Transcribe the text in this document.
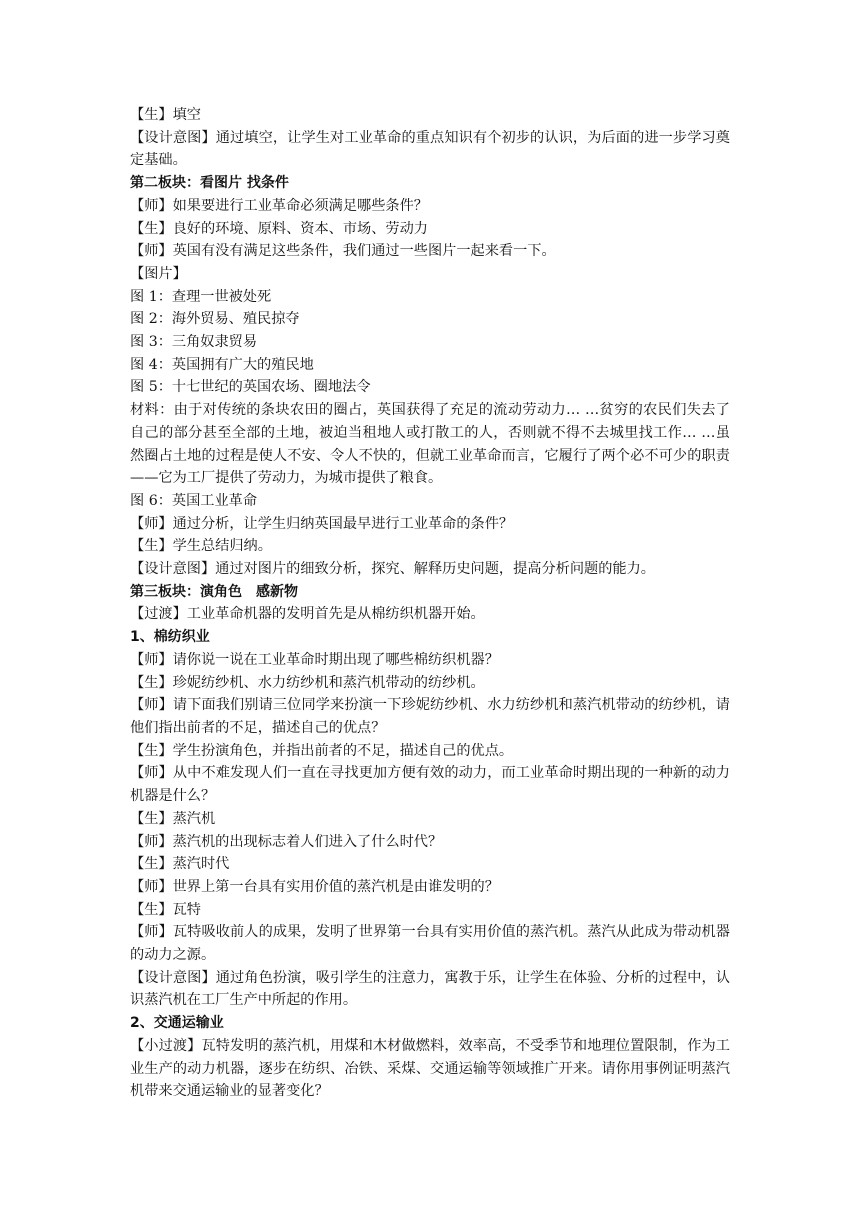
【生】填空

【设计意图】通过填空，让学生对工业革命的重点知识有个初步的认识，为后面的进一步学习奠定基础。

第二板块：看图片 找条件

【师】如果要进行工业革命必须满足哪些条件？

【生】良好的环境、原料、资本、市场、劳动力

【师】英国有没有满足这些条件，我们通过一些图片一起来看一下。

【图片】

图 1：查理一世被处死

图 2：海外贸易、殖民掠夺

图 3：三角奴隶贸易

图 4：英国拥有广大的殖民地

图 5：十七世纪的英国农场、圈地法令

材料：由于对传统的条块农田的圈占，英国获得了充足的流动劳动力… …贫穷的农民们失去了自己的部分甚至全部的土地，被迫当租地人或打散工的人，否则就不得不去城里找工作… …虽然圈占土地的过程是使人不安、令人不快的，但就工业革命而言，它履行了两个必不可少的职责——它为工厂提供了劳动力，为城市提供了粮食。

图 6：英国工业革命

【师】通过分析，让学生归纳英国最早进行工业革命的条件？

【生】学生总结归纳。

【设计意图】通过对图片的细致分析，探究、解释历史问题，提高分析问题的能力。

第三板块：演角色　感新物

【过渡】工业革命机器的发明首先是从棉纺织机器开始。

1、棉纺织业

【师】请你说一说在工业革命时期出现了哪些棉纺织机器？

【生】珍妮纺纱机、水力纺纱机和蒸汽机带动的纺纱机。

【师】请下面我们别请三位同学来扮演一下珍妮纺纱机、水力纺纱机和蒸汽机带动的纺纱机，请他们指出前者的不足，描述自己的优点？

【生】学生扮演角色，并指出前者的不足，描述自己的优点。

【师】从中不难发现人们一直在寻找更加方便有效的动力，而工业革命时期出现的一种新的动力机器是什么？

【生】蒸汽机

【师】蒸汽机的出现标志着人们进入了什么时代？

【生】蒸汽时代

【师】世界上第一台具有实用价值的蒸汽机是由谁发明的？

【生】瓦特

【师】瓦特吸收前人的成果，发明了世界第一台具有实用价值的蒸汽机。蒸汽从此成为带动机器的动力之源。

【设计意图】通过角色扮演，吸引学生的注意力，寓教于乐，让学生在体验、分析的过程中，认识蒸汽机在工厂生产中所起的作用。

2、交通运输业

【小过渡】瓦特发明的蒸汽机，用煤和木材做燃料，效率高，不受季节和地理位置限制，作为工业生产的动力机器，逐步在纺织、冶铁、采煤、交通运输等领域推广开来。请你用事例证明蒸汽机带来交通运输业的显著变化？
